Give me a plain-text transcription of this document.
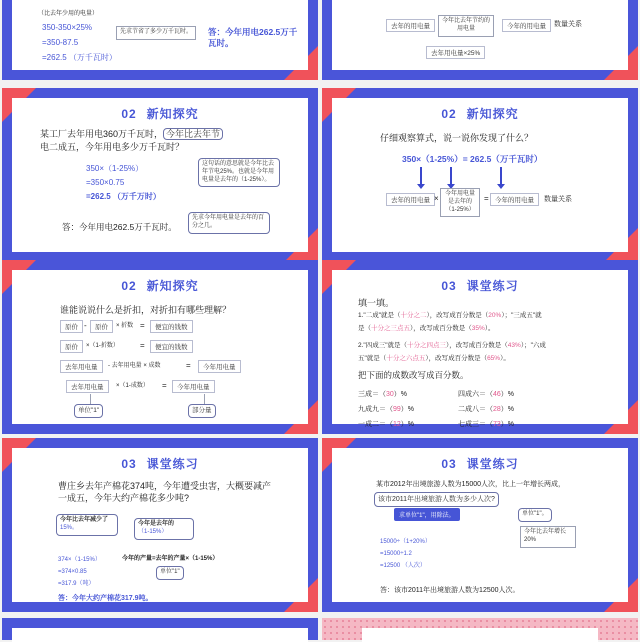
（比去年少用的电量）
350-350×25%
=350-87.5
=262.5 （万千瓦时）
先求节省了多少万千瓦时。	答：今年用电262.5万千瓦时。
去年的用电量
今年比去年节约的用电量	今年的用电量	数量关系
去年用电量×25%
02 新知探究
某工厂去年用电360万千瓦时， 今年比去年节
电二成五，今年用电多少万千瓦时？
350×（1-25%）
=350×0.75
=262.5 （万千万时）
这句话的意思就是今年比去年节电25%。也就是今年用电量是去年的（1-25%）。
答：今年用电262.5万千瓦时。
先求今年用电量是去年的百分之几。
02 新知探究
仔细观察算式，说一说你发现了什么？
350×（1-25%）= 262.5（万千瓦时）
去年的用电量 ×	今年用电量是去年的（1-25%）
= 今年的用电量	数量关系
02 新知探究
谁能说说什么是折扣，对折扣有哪些理解？
原价 -	原价	× 折数 =	便宜的钱数
原价	×（1-折数）	=	便宜的钱数
去年用电量	- 去年用电量 × 成数	=	今年用电量
去年用电量	×（1-成数） =	今年用电量
单位"1"	部分量
03 课堂练习
填一填。
1."二成"就是（十分之二），改写成百分数是（20%）；"三成五"就
是（十分之三点五），改写成百分数是（35%）。
2."四成三"就是（十分之四点三），改写成百分数是（43%）；"六成
五"就是（十分之六点五），改写成百分数是（65%）。
把下面的成数改写成百分数。
三成＝（30）%	四成六＝（46）%
九成九＝（99）%	二成八＝（28）%
一成二＝（12）%	七成三＝（73）%
03 课堂练习
曹庄乡去年产棉花374吨，今年遭受虫害，大概要减产一成五，今年大约产棉花多少吨?
今年比去年减少了
15%。
今年是去年的
（1-15%）
374×（1-15%）
=374×0.85
=317.9（吨）
今年的产量=去年的产量×（1-15%）
单位"1"
答：今年大约产棉花317.9吨。
03 课堂练习
某市2012年出境旅游人数为15000人次，比上一年增长两成，
该市2011年出境旅游人数为多少人次?
求单位"1"，用除法。	单位"1"。
今年比去年增长20%
15000÷（1+20%）
=15000÷1.2
=12500 （人次）
答：该市2011年出境旅游人数为12500人次。
